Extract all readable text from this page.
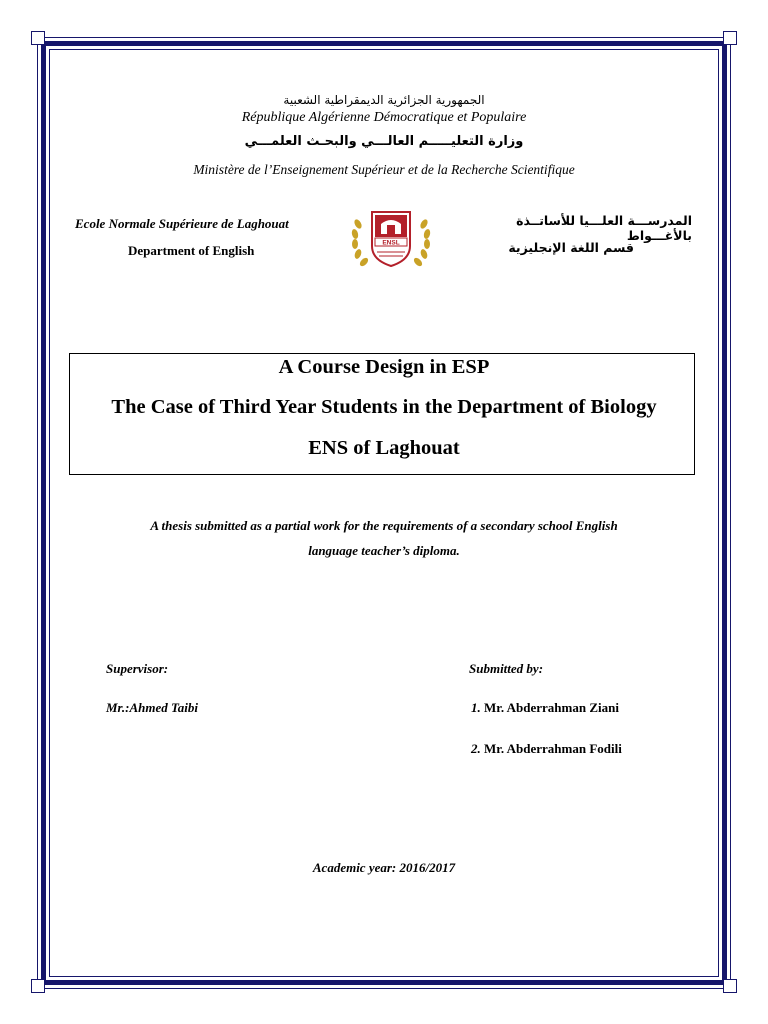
الجمهورية الجزائرية الديمقراطية الشعبية
République Algérienne Démocratique et Populaire
وزارة التعليـــــم العالـــي والبحـث العلمـــي
Ministère de l’Enseignement Supérieur et de la Recherche Scientifique
Ecole Normale Supérieure de Laghouat
Department of English
المدرســـة العلـــيا للأساتــذة بالأغـــواط
قسم اللغة الإنجليزية
ENSL
A Course Design in ESP
The Case of Third Year Students in the Department of Biology
ENS of Laghouat
A thesis submitted as a partial work for the requirements of a secondary school English
language teacher’s diploma.
Supervisor:
Mr.:Ahmed Taibi
Submitted by:
1. Mr. Abderrahman Ziani
2. Mr. Abderrahman Fodili
Academic year: 2016/2017
